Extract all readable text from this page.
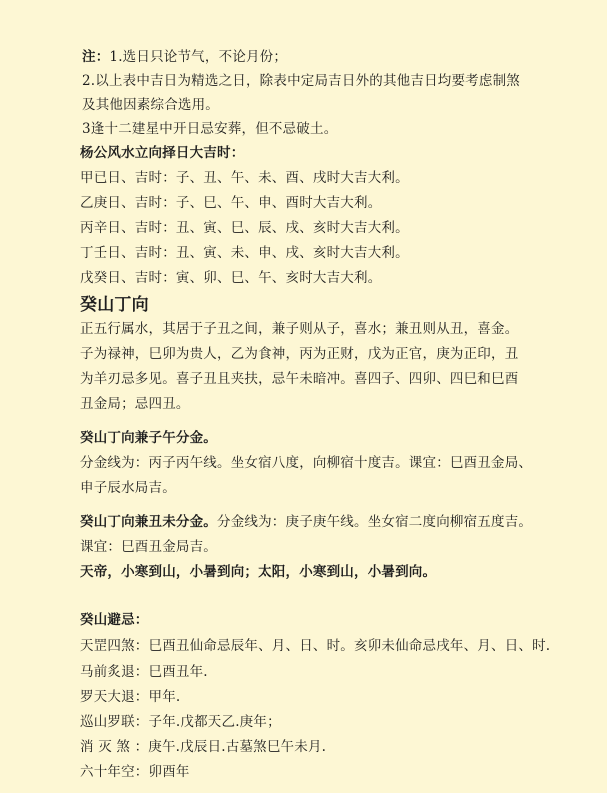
注：1.选日只论节气，不论月份；
2.以上表中吉日为精选之日，除表中定局吉日外的其他吉日均要考虑制煞
及其他因素综合选用。
3逢十二建星中开日忌安葬，但不忌破土。
杨公风水立向择日大吉时：
甲已日、吉时：子、丑、午、未、酉、戌时大吉大利。
乙庚日、吉时：子、巳、午、申、酉时大吉大利。
丙辛日、吉时：丑、寅、巳、辰、戌、亥时大吉大利。
丁壬日、吉时：丑、寅、未、申、戌、亥时大吉大利。
戊癸日、吉时：寅、卯、巳、午、亥时大吉大利。
癸山丁向
正五行属水，其居于子丑之间，兼子则从子，喜水；兼丑则从丑，喜金。
子为禄神，巳卯为贵人，乙为食神，丙为正财，戊为正官，庚为正印，丑
为羊刃忌多见。喜子丑且夹扶，忌午未暗冲。喜四子、四卯、四巳和巳酉
丑金局；忌四丑。
癸山丁向兼子午分金。
分金线为：丙子丙午线。坐女宿八度，向柳宿十度吉。课宜：巳酉丑金局、
申子辰水局吉。
癸山丁向兼丑未分金。分金线为：庚子庚午线。坐女宿二度向柳宿五度吉。
课宜：巳酉丑金局吉。
天帝，小寒到山，小暑到向；太阳，小寒到山，小暑到向。
癸山避忌：
天罡四煞：巳酉丑仙命忌辰年、月、日、时。亥卯未仙命忌戌年、月、日、时.
马前炙退：巳酉丑年.
罗天大退：甲年.
巡山罗联：子年.戊都天乙.庚年；
消 灭 煞 ：庚午.戊辰日.古墓煞巳午未月.
六十年空：卯酉年
